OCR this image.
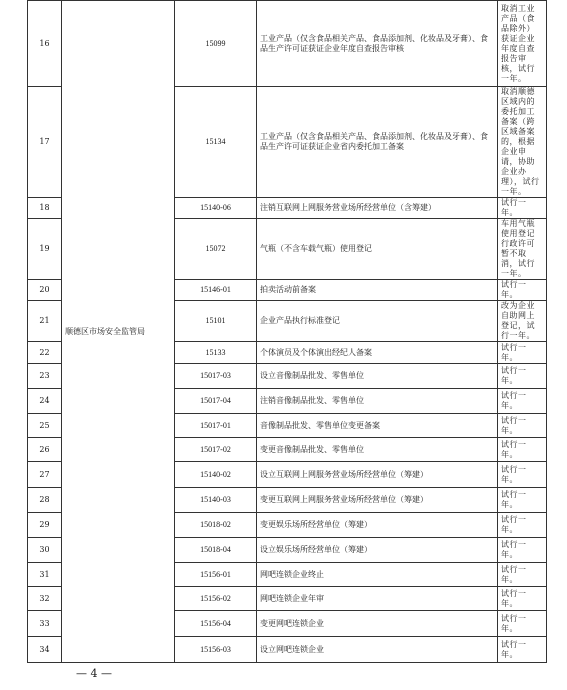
16	顺德区市场安全监管局	15099	工业产品（仅含食品相关产品、食品添加剂、化妆品及牙膏）、食品生产许可证获证企业年度自查报告审核	取消工业产品（食品除外）获证企业年度自查报告审核，试行一年。
17		15134	工业产品（仅含食品相关产品、食品添加剂、化妆品及牙膏）、食品生产许可证获证企业省内委托加工备案	取消顺德区域内的委托加工备案（跨区域备案的，根据企业申请，协助企业办理），试行一年。
18		15140-06	注销互联网上网服务营业场所经营单位（含筹建）	试行一年。
19		15072	气瓶（不含车载气瓶）使用登记	车用气瓶使用登记行政许可暂不取消，试行一年。
20		15146-01	拍卖活动前备案	试行一年。
21		15101	企业产品执行标准登记	改为企业自助网上登记，试行一年。
22		15133	个体演员及个体演出经纪人备案	试行一年。
23		15017-03	设立音像制品批发、零售单位	试行一年。
24		15017-04	注销音像制品批发、零售单位	试行一年。
25		15017-01	音像制品批发、零售单位变更备案	试行一年。
26		15017-02	变更音像制品批发、零售单位	试行一年。
27		15140-02	设立互联网上网服务营业场所经营单位（筹建）	试行一年。
28		15140-03	变更互联网上网服务营业场所经营单位（筹建）	试行一年。
29		15018-02	变更娱乐场所经营单位（筹建）	试行一年。
30		15018-04	设立娱乐场所经营单位（筹建）	试行一年。
31		15156-01	网吧连锁企业终止	试行一年。
32		15156-02	网吧连锁企业年审	试行一年。
33		15156-04	变更网吧连锁企业	试行一年。
34		15156-03	设立网吧连锁企业	试行一年。
— 4 —
